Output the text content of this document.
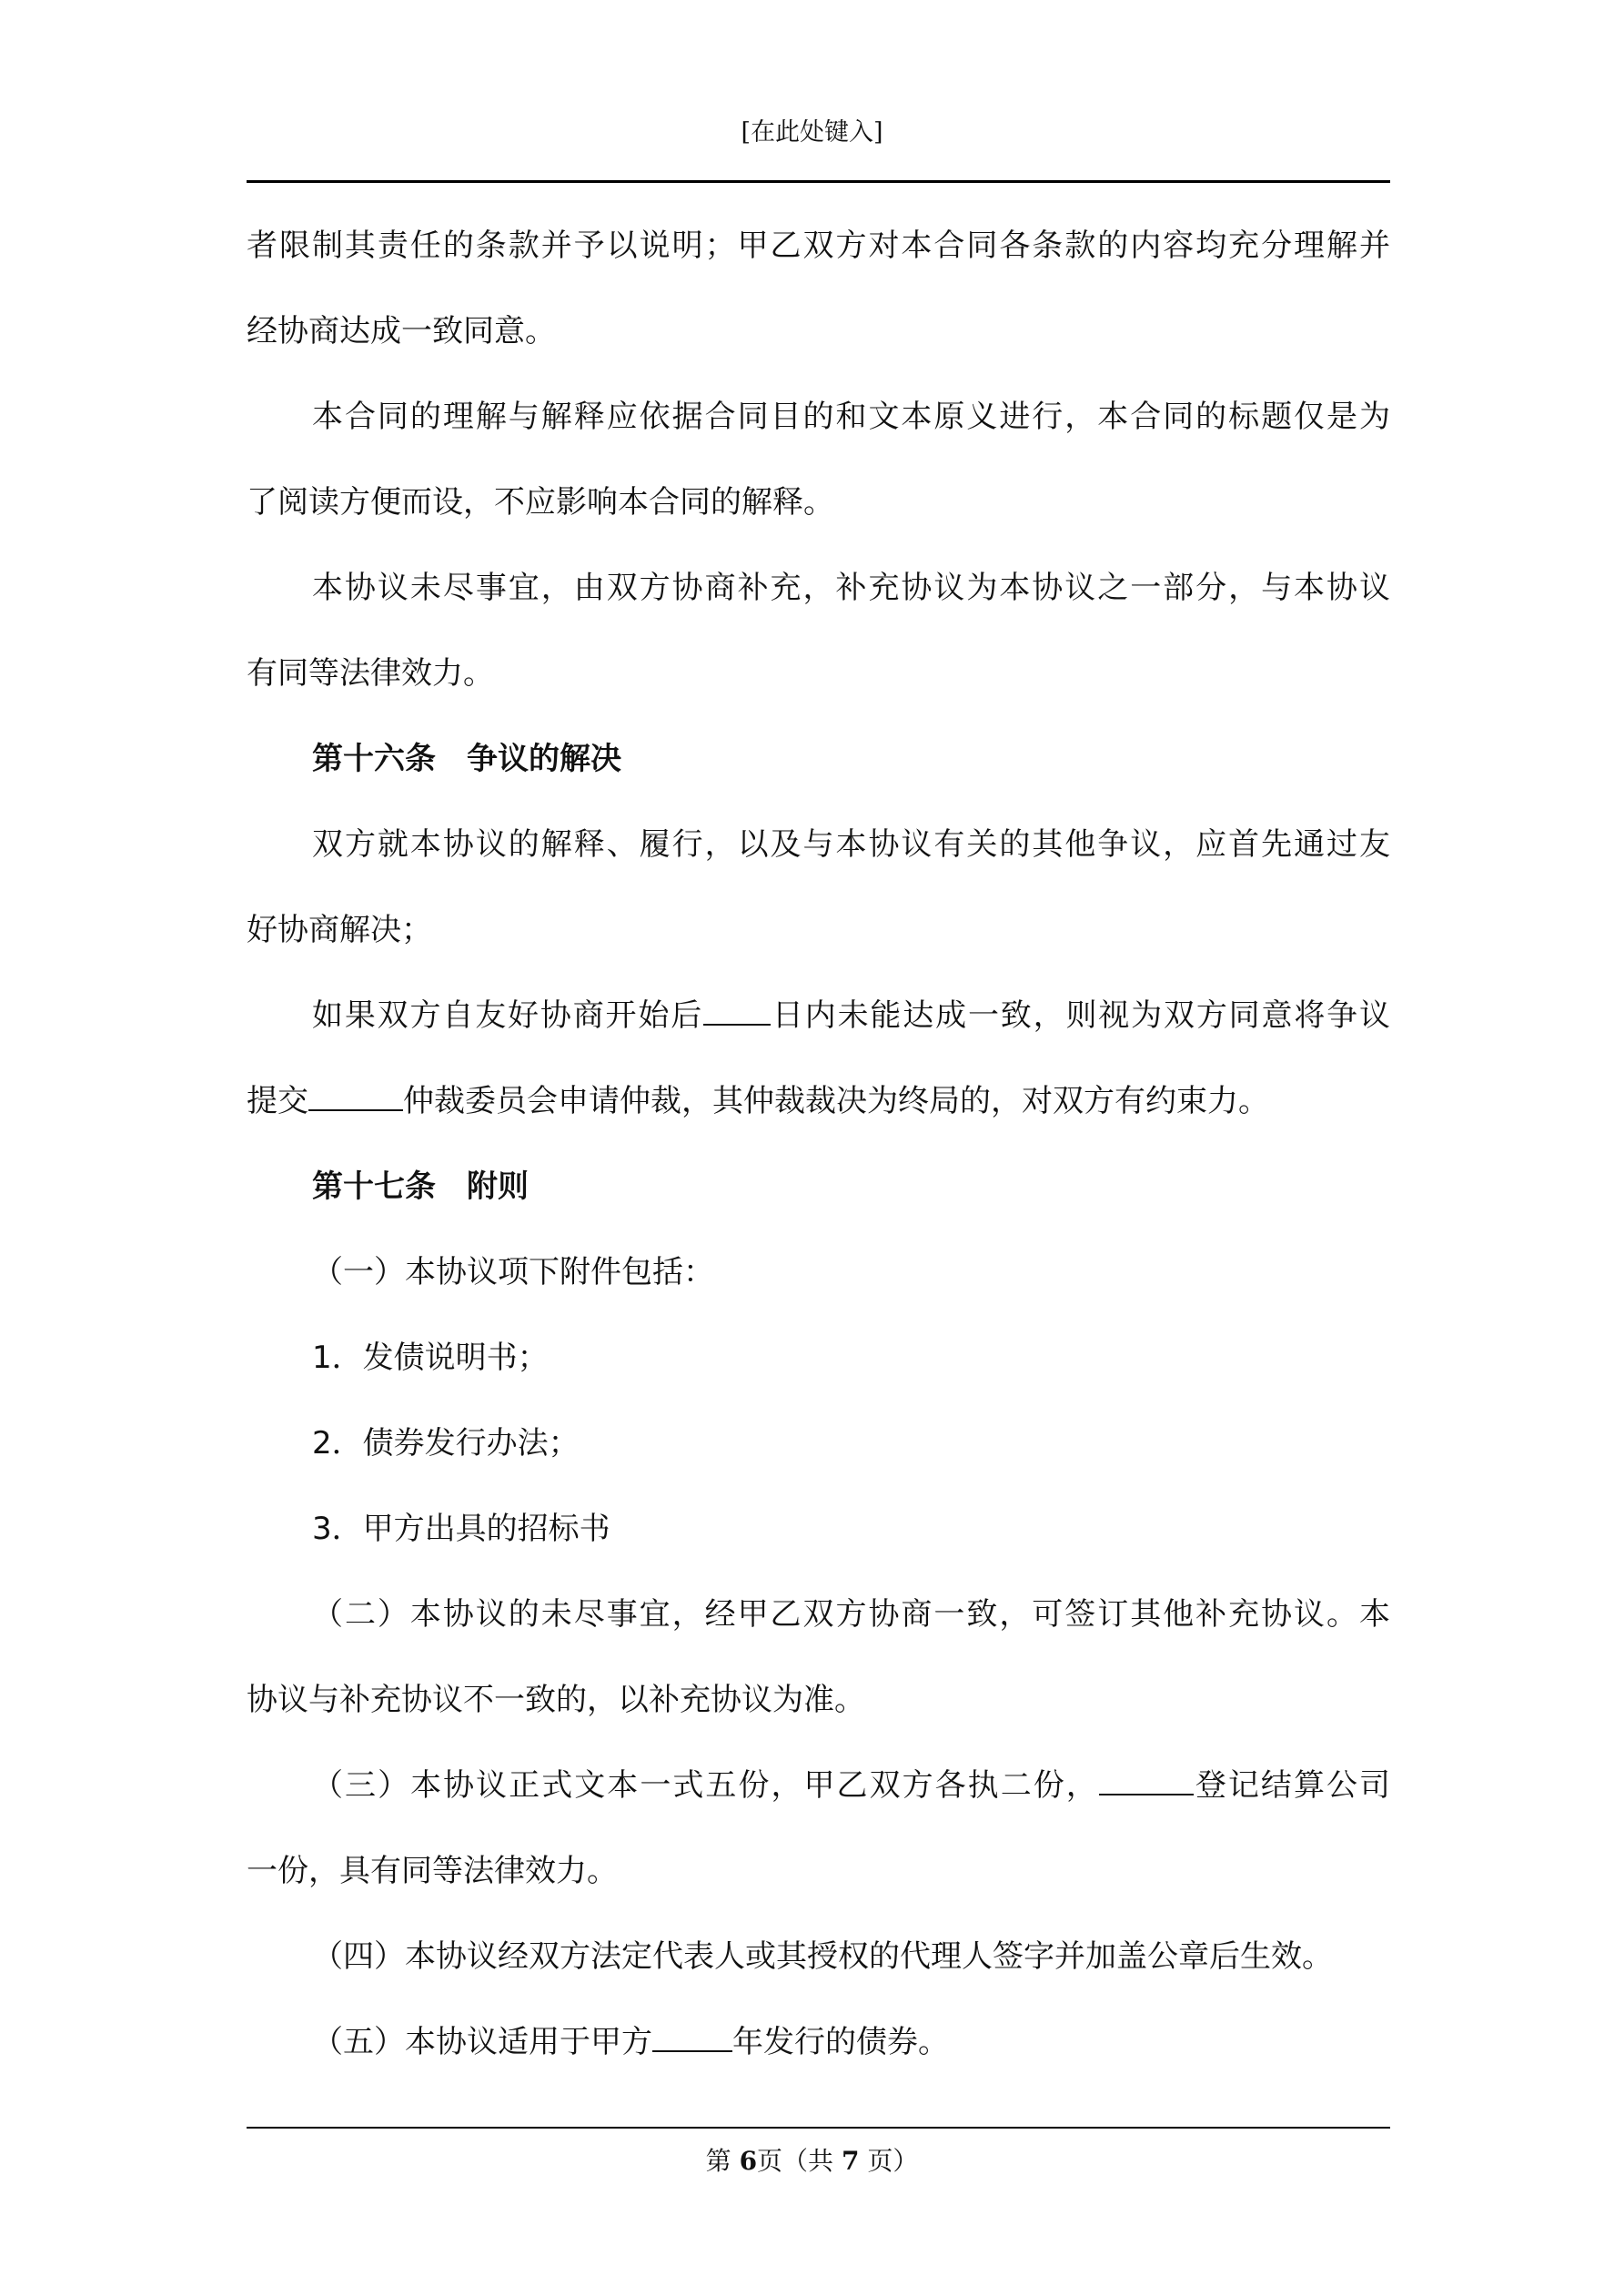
[在此处键入]
者限制其责任的条款并予以说明；甲乙双方对本合同各条款的内容均充分理解并
经协商达成一致同意。
本合同的理解与解释应依据合同目的和文本原义进行，本合同的标题仅是为
了阅读方便而设，不应影响本合同的解释。
本协议未尽事宜，由双方协商补充，补充协议为本协议之一部分，与本协议
有同等法律效力。
第十六条　争议的解决
双方就本协议的解释、履行，以及与本协议有关的其他争议，应首先通过友
好协商解决；
如果双方自友好协商开始后 日内未能达成一致，则视为双方同意将争议
提交	仲裁委员会申请仲裁，其仲裁裁决为终局的，对双方有约束力。
第十七条　附则
（一）本协议项下附件包括：
1．发债说明书；
2．债券发行办法；
3．甲方出具的招标书
（二）本协议的未尽事宜，经甲乙双方协商一致，可签订其他补充协议。本
协议与补充协议不一致的，以补充协议为准。
（三）本协议正式文本一式五份，甲乙双方各执二份，	登记结算公司
一份，具有同等法律效力。
（四）本协议经双方法定代表人或其授权的代理人签字并加盖公章后生效。
（五）本协议适用于甲方	年发行的债券。
第 6页（共 7 页）
